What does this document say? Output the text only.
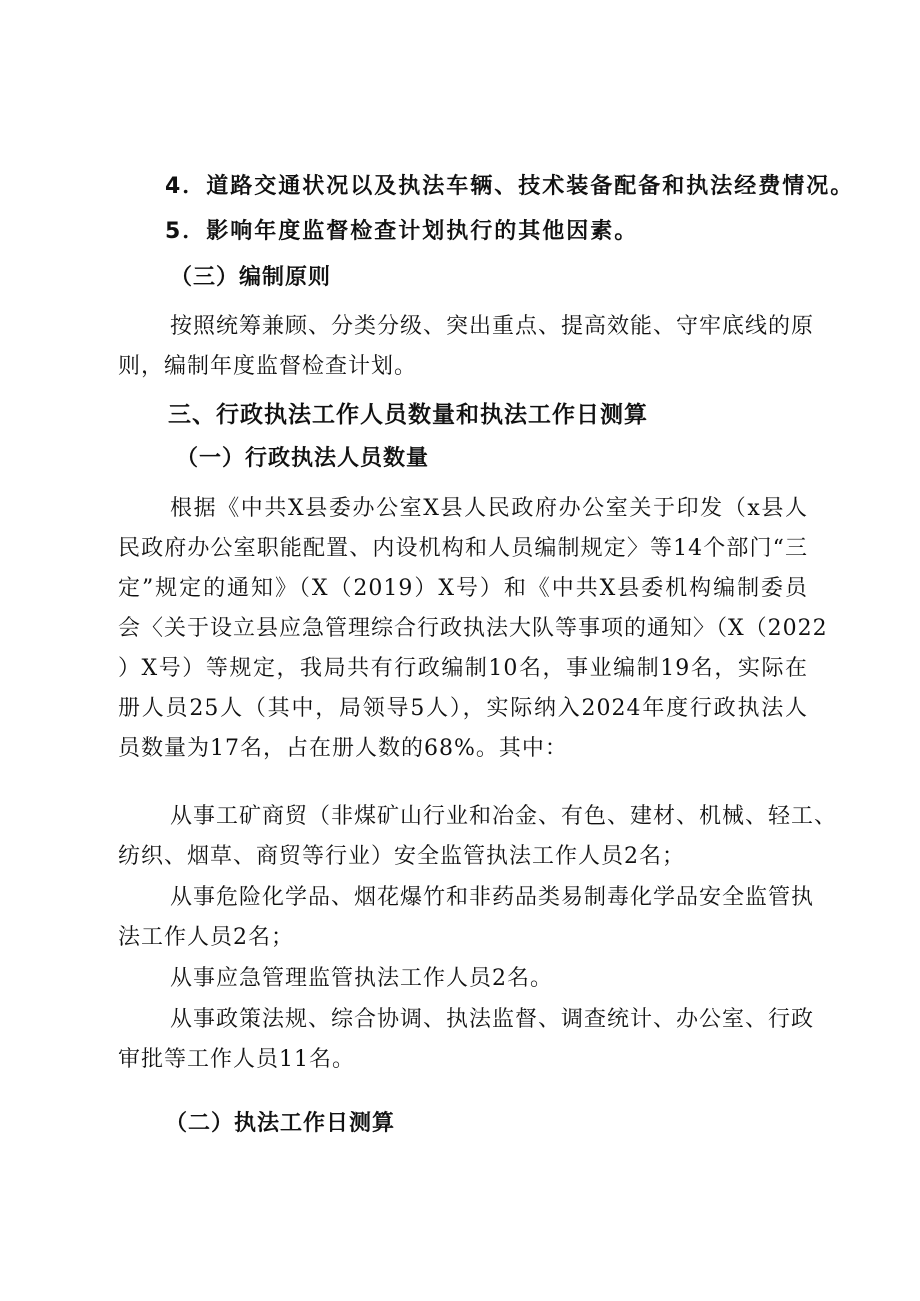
4．道路交通状况以及执法车辆、技术装备配备和执法经费情况。
5．影响年度监督检查计划执行的其他因素。
（三）编制原则
按照统筹兼顾、分类分级、突出重点、提高效能、守牢底线的原
则，编制年度监督检查计划。
三、行政执法工作人员数量和执法工作日测算
（一）行政执法人员数量
根据《中共X县委办公室X县人民政府办公室关于印发（x县人
民政府办公室职能配置、内设机构和人员编制规定〉等14个部门“三
定”规定的通知》（X（2019）X号）和《中共X县委机构编制委员
会〈关于设立县应急管理综合行政执法大队等事项的通知〉（X（2022
）X号）等规定，我局共有行政编制10名，事业编制19名，实际在
册人员25人（其中，局领导5人），实际纳入2024年度行政执法人
员数量为17名，占在册人数的68%。其中：
从事工矿商贸（非煤矿山行业和冶金、有色、建材、机械、轻工、
纺织、烟草、商贸等行业）安全监管执法工作人员2名；
从事危险化学品、烟花爆竹和非药品类易制毒化学品安全监管执
法工作人员2名；
从事应急管理监管执法工作人员2名。
从事政策法规、综合协调、执法监督、调查统计、办公室、行政
审批等工作人员11名。
（二）执法工作日测算
